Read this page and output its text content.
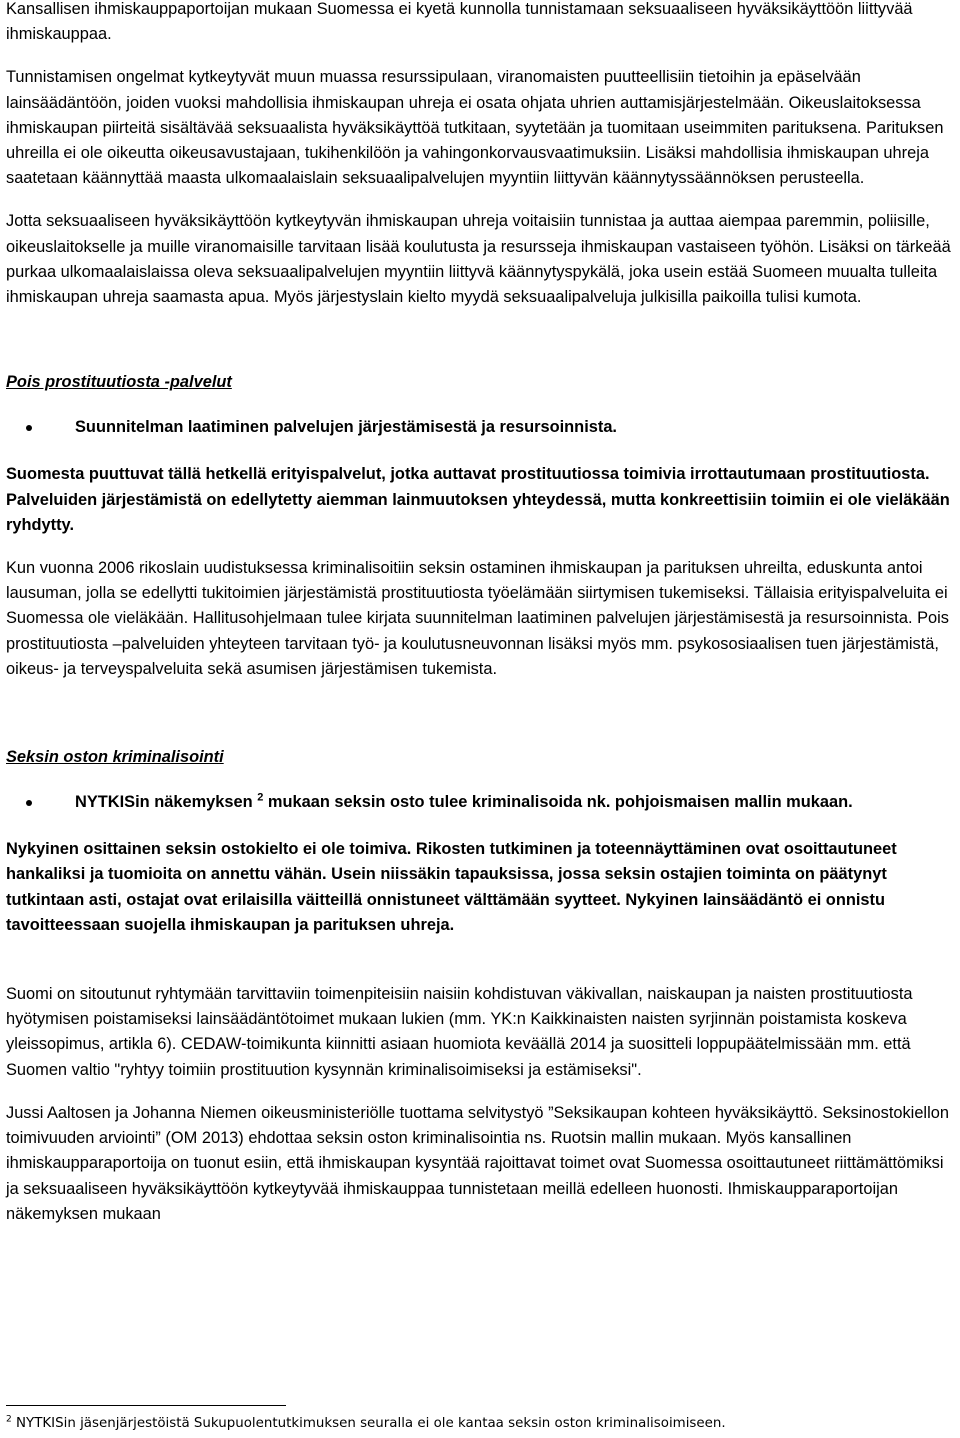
Kansallisen ihmiskauppaportoijan mukaan Suomessa ei kyetä kunnolla tunnistamaan seksuaaliseen hyväksikäyttöön liittyvää ihmiskauppaa.

Tunnistamisen ongelmat kytkeytyvät muun muassa resurssipulaan, viranomaisten puutteellisiin tietoihin ja epäselvään lainsäädäntöön, joiden vuoksi mahdollisia ihmiskaupan uhreja ei osata ohjata uhrien auttamisjärjestelmään. Oikeuslaitoksessa ihmiskaupan piirteitä sisältävää seksuaalista hyväksikäyttöä tutkitaan, syytetään ja tuomitaan useimmiten parituksena. Parituksen uhreilla ei ole oikeutta oikeusavustajaan, tukihenkilöön ja vahingonkorvausvaatimuksiin. Lisäksi mahdollisia ihmiskaupan uhreja saatetaan käännyttää maasta ulkomaalaislain seksuaalipalvelujen myyntiin liittyvän käännytyssäännöksen perusteella.

Jotta seksuaaliseen hyväksikäyttöön kytkeytyvän ihmiskaupan uhreja voitaisiin tunnistaa ja auttaa aiempaa paremmin, poliisille, oikeuslaitokselle ja muille viranomaisille tarvitaan lisää koulutusta ja resursseja ihmiskaupan vastaiseen työhön. Lisäksi on tärkeää purkaa ulkomaalaislaissa oleva seksuaalipalvelujen myyntiin liittyvä käännytyspykälä, joka usein estää Suomeen muualta tulleita ihmiskaupan uhreja saamasta apua. Myös järjestyslain kielto myydä seksuaalipalveluja julkisilla paikoilla tulisi kumota.

Pois prostituutiosta -palvelut

Suunnitelman laatiminen palvelujen järjestämisestä ja resursoinnista.

Suomesta puuttuvat tällä hetkellä erityispalvelut, jotka auttavat prostituutiossa toimivia irrottautumaan prostituutiosta. Palveluiden järjestämistä on edellytetty aiemman lainmuutoksen yhteydessä, mutta konkreettisiin toimiin ei ole vieläkään ryhdytty.

Kun vuonna 2006 rikoslain uudistuksessa kriminalisoitiin seksin ostaminen ihmiskaupan ja parituksen uhreilta, eduskunta antoi lausuman, jolla se edellytti tukitoimien järjestämistä prostituutiosta työelämään siirtymisen tukemiseksi. Tällaisia erityispalveluita ei Suomessa ole vieläkään. Hallitusohjelmaan tulee kirjata suunnitelman laatiminen palvelujen järjestämisestä ja resursoinnista. Pois prostituutiosta –palveluiden yhteyteen tarvitaan työ- ja koulutusneuvonnan lisäksi myös mm. psykososiaalisen tuen järjestämistä, oikeus- ja terveyspalveluita sekä asumisen järjestämisen tukemista.

Seksin oston kriminalisointi

NYTKISin näkemyksen $^2$ mukaan seksin osto tulee kriminalisoida nk. pohjoismaisen mallin mukaan.

Nykyinen osittainen seksin ostokielto ei ole toimiva. Rikosten tutkiminen ja toteennäyttäminen ovat osoittautuneet hankaliksi ja tuomioita on annettu vähän. Usein niissäkin tapauksissa, jossa seksin ostajien toiminta on päätynyt tutkintaan asti, ostajat ovat erilaisilla väitteillä onnistuneet välttämään syytteet. Nykyinen lainsäädäntö ei onnistu tavoitteessaan suojella ihmiskaupan ja parituksen uhreja.

Suomi on sitoutunut ryhtymään tarvittaviin toimenpiteisiin naisiin kohdistuvan väkivallan, naiskaupan ja naisten prostituutiosta hyötymisen poistamiseksi lainsäädäntötoimet mukaan lukien (mm. YK:n Kaikkinaisten naisten syrjinnän poistamista koskeva yleissopimus, artikla 6). CEDAW-toimikunta kiinnitti asiaan huomiota keväällä 2014 ja suositteli loppupäätelmissään mm. että Suomen valtio "ryhtyy toimiin prostituution kysynnän kriminalisoimiseksi ja estämiseksi".

Jussi Aaltosen ja Johanna Niemen oikeusministeriölle tuottama selvitystyö ”Seksikaupan kohteen hyväksikäyttö. Seksinostokiellon toimivuuden arviointi” (OM 2013) ehdottaa seksin oston kriminalisointia ns. Ruotsin mallin mukaan. Myös kansallinen ihmiskaupparaportoija on tuonut esiin, että ihmiskaupan kysyntää rajoittavat toimet ovat Suomessa osoittautuneet riittämättömiksi ja seksuaaliseen hyväksikäyttöön kytkeytyvää ihmiskauppaa tunnistetaan meillä edelleen huonosti. Ihmiskaupparaportoijan näkemyksen mukaan

$^2$ NYTKISin jäsenjärjestöistä Sukupuolentutkimuksen seuralla ei ole kantaa seksin oston kriminalisoimiseen.
